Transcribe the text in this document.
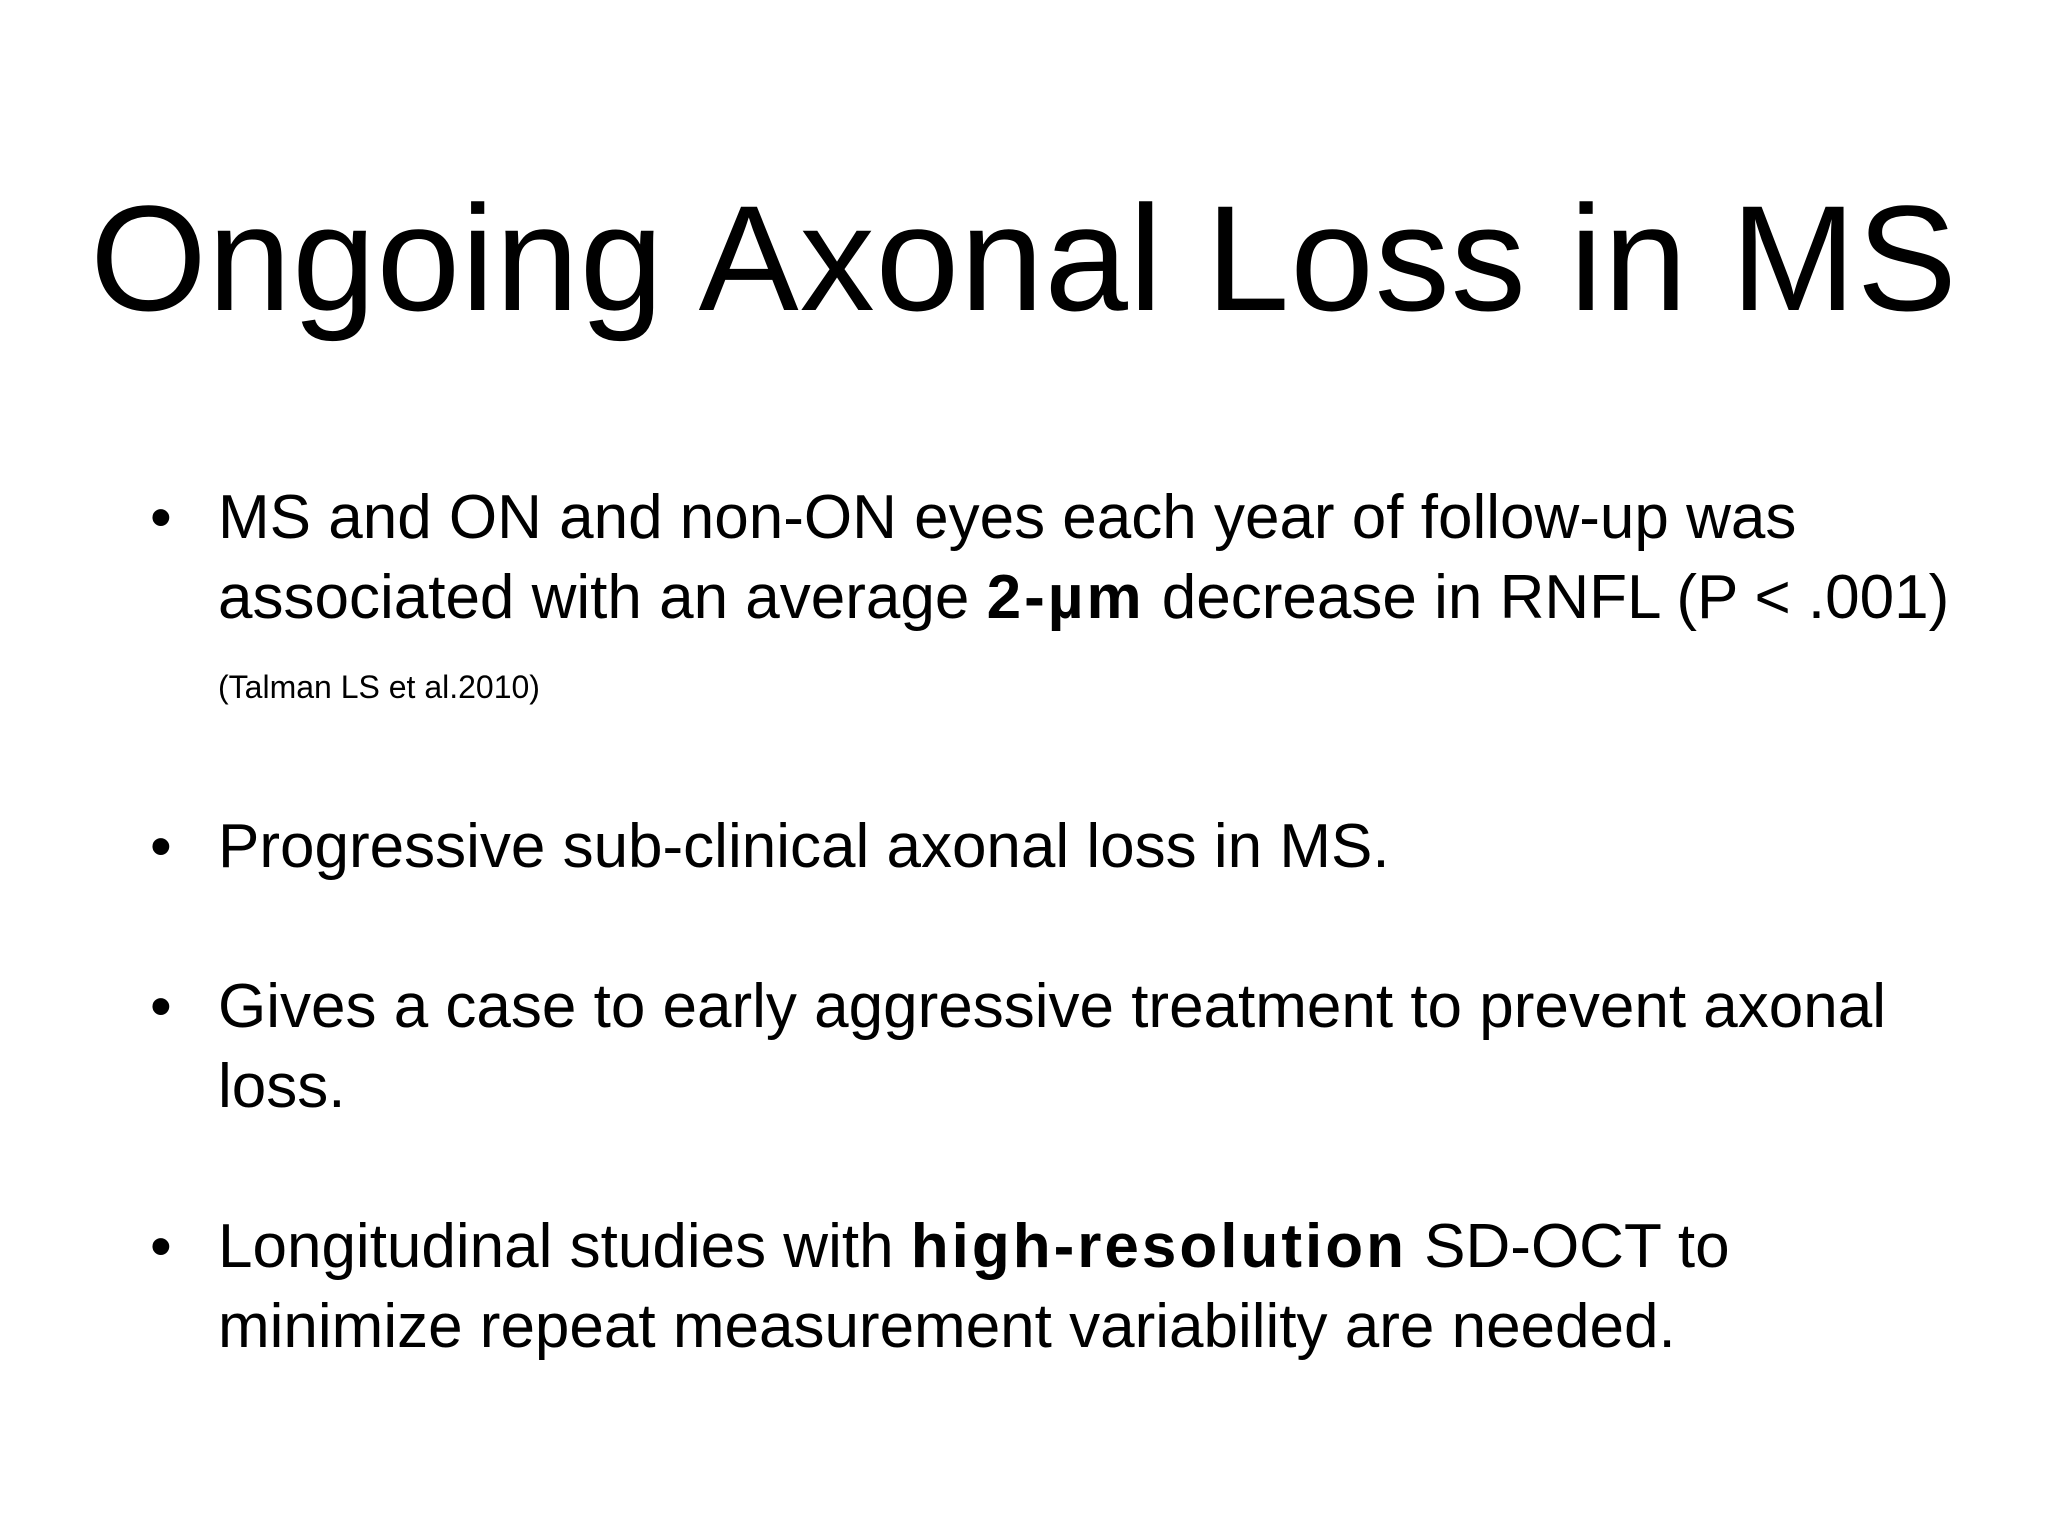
Ongoing Axonal Loss in MS
• MS and ON and non-ON eyes each year of follow-up was associated with an average 2-µm decrease in RNFL (P < .001) (Talman LS et al.2010)
• Progressive sub-clinical axonal loss in MS.
• Gives a case to early aggressive treatment to prevent axonal loss.
• Longitudinal studies with high-resolution SD-OCT to minimize repeat measurement variability are needed.
